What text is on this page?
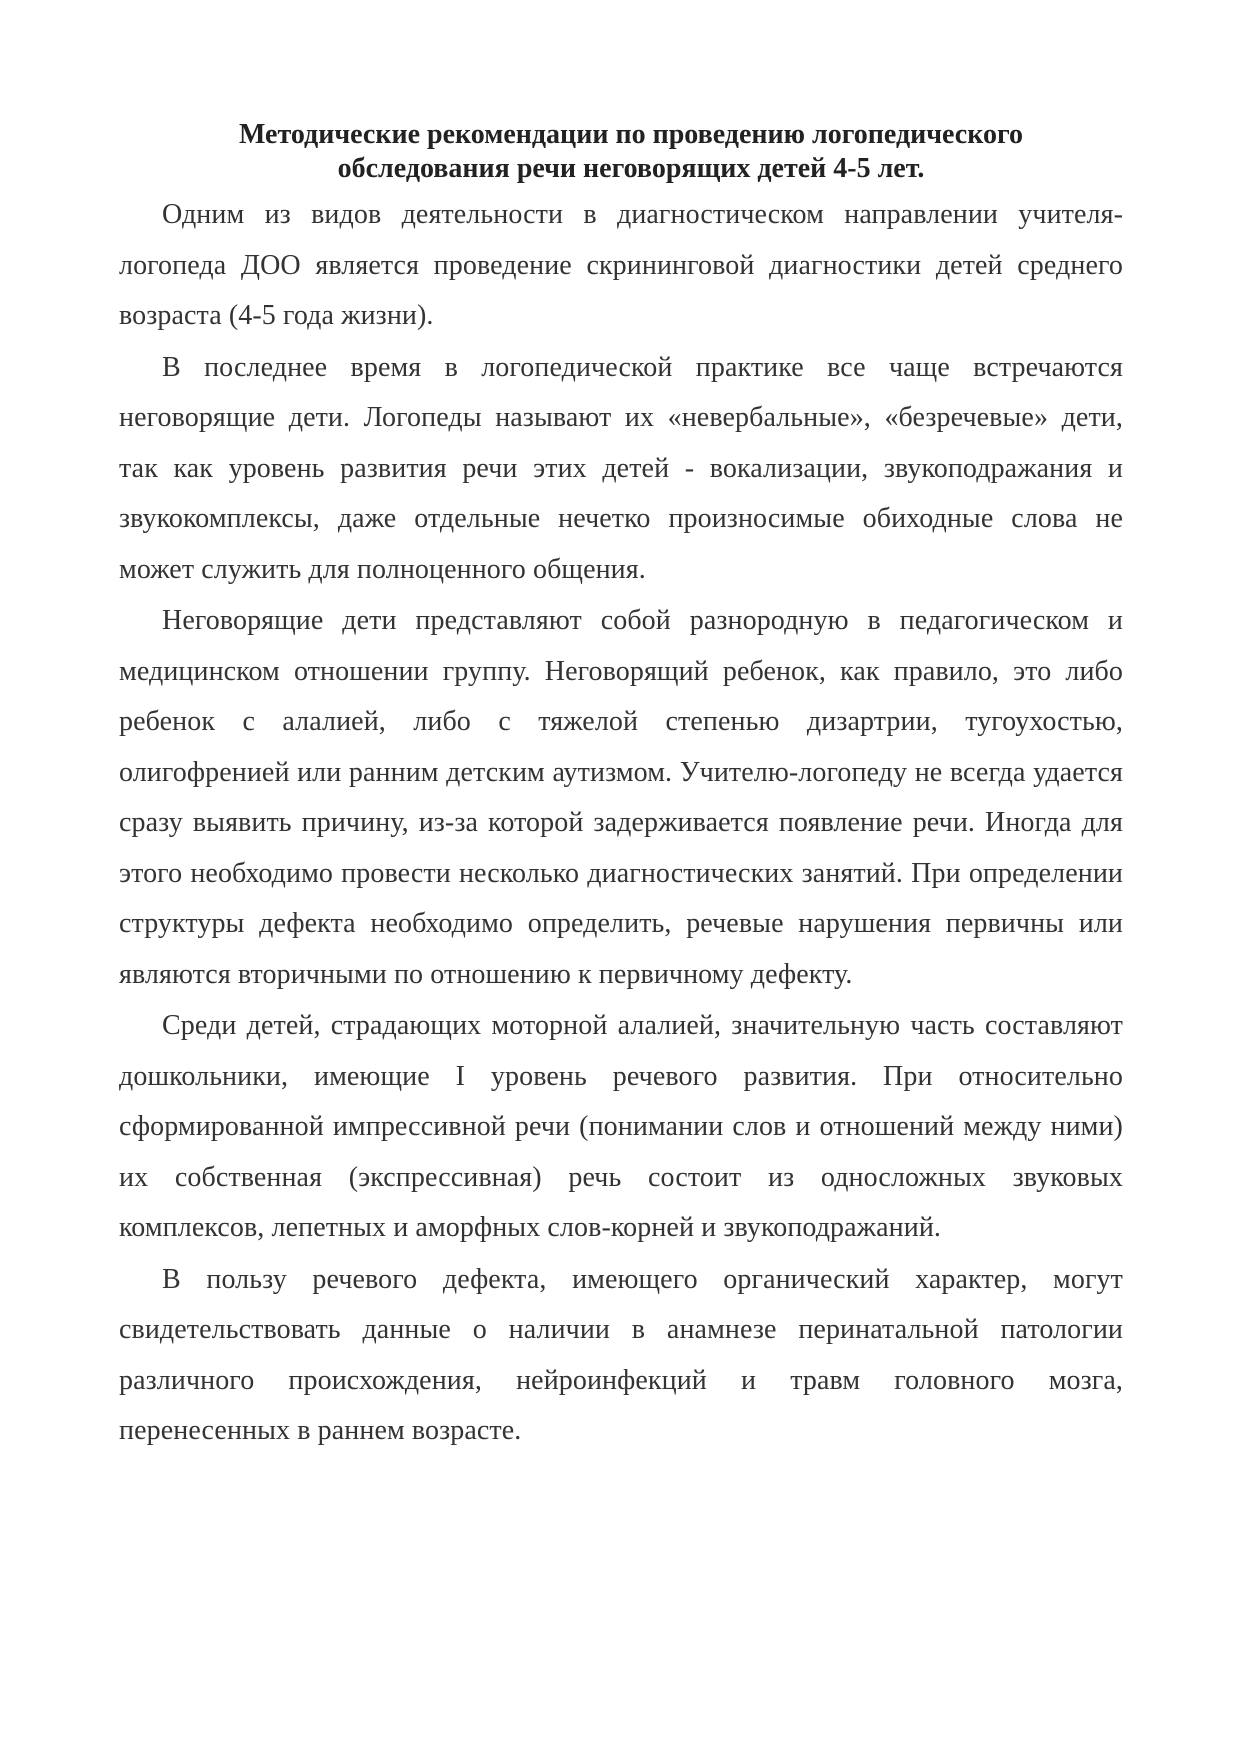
Методические рекомендации по проведению логопедического
обследования речи неговорящих детей 4-5 лет.

Одним из видов деятельности в диагностическом направлении учителя-логопеда ДОО является проведение скрининговой диагностики детей среднего возраста (4-5 года жизни).

В последнее время в логопедической практике все чаще встречаются неговорящие дети. Логопеды называют их «невербальные», «безречевые» дети, так как уровень развития речи этих детей - вокализации, звукоподражания и звукокомплексы, даже отдельные нечетко произносимые обиходные слова не может служить для полноценного общения.

Неговорящие дети представляют собой разнородную в педагогическом и медицинском отношении группу. Неговорящий ребенок, как правило, это либо ребенок с алалией, либо с тяжелой степенью дизартрии, тугоухостью, олигофренией или ранним детским аутизмом. Учителю-логопеду не всегда удается сразу выявить причину, из-за которой задерживается появление речи. Иногда для этого необходимо провести несколько диагностических занятий. При определении структуры дефекта необходимо определить, речевые нарушения первичны или являются вторичными по отношению к первичному дефекту.

Среди детей, страдающих моторной алалией, значительную часть составляют дошкольники, имеющие I уровень речевого развития. При относительно сформированной импрессивной речи (понимании слов и отношений между ними) их собственная (экспрессивная) речь состоит из односложных звуковых комплексов, лепетных и аморфных слов-корней и звукоподражаний.

В пользу речевого дефекта, имеющего органический характер, могут свидетельствовать данные о наличии в анамнезе перинатальной патологии различного происхождения, нейроинфекций и травм головного мозга, перенесенных в раннем возрасте.
